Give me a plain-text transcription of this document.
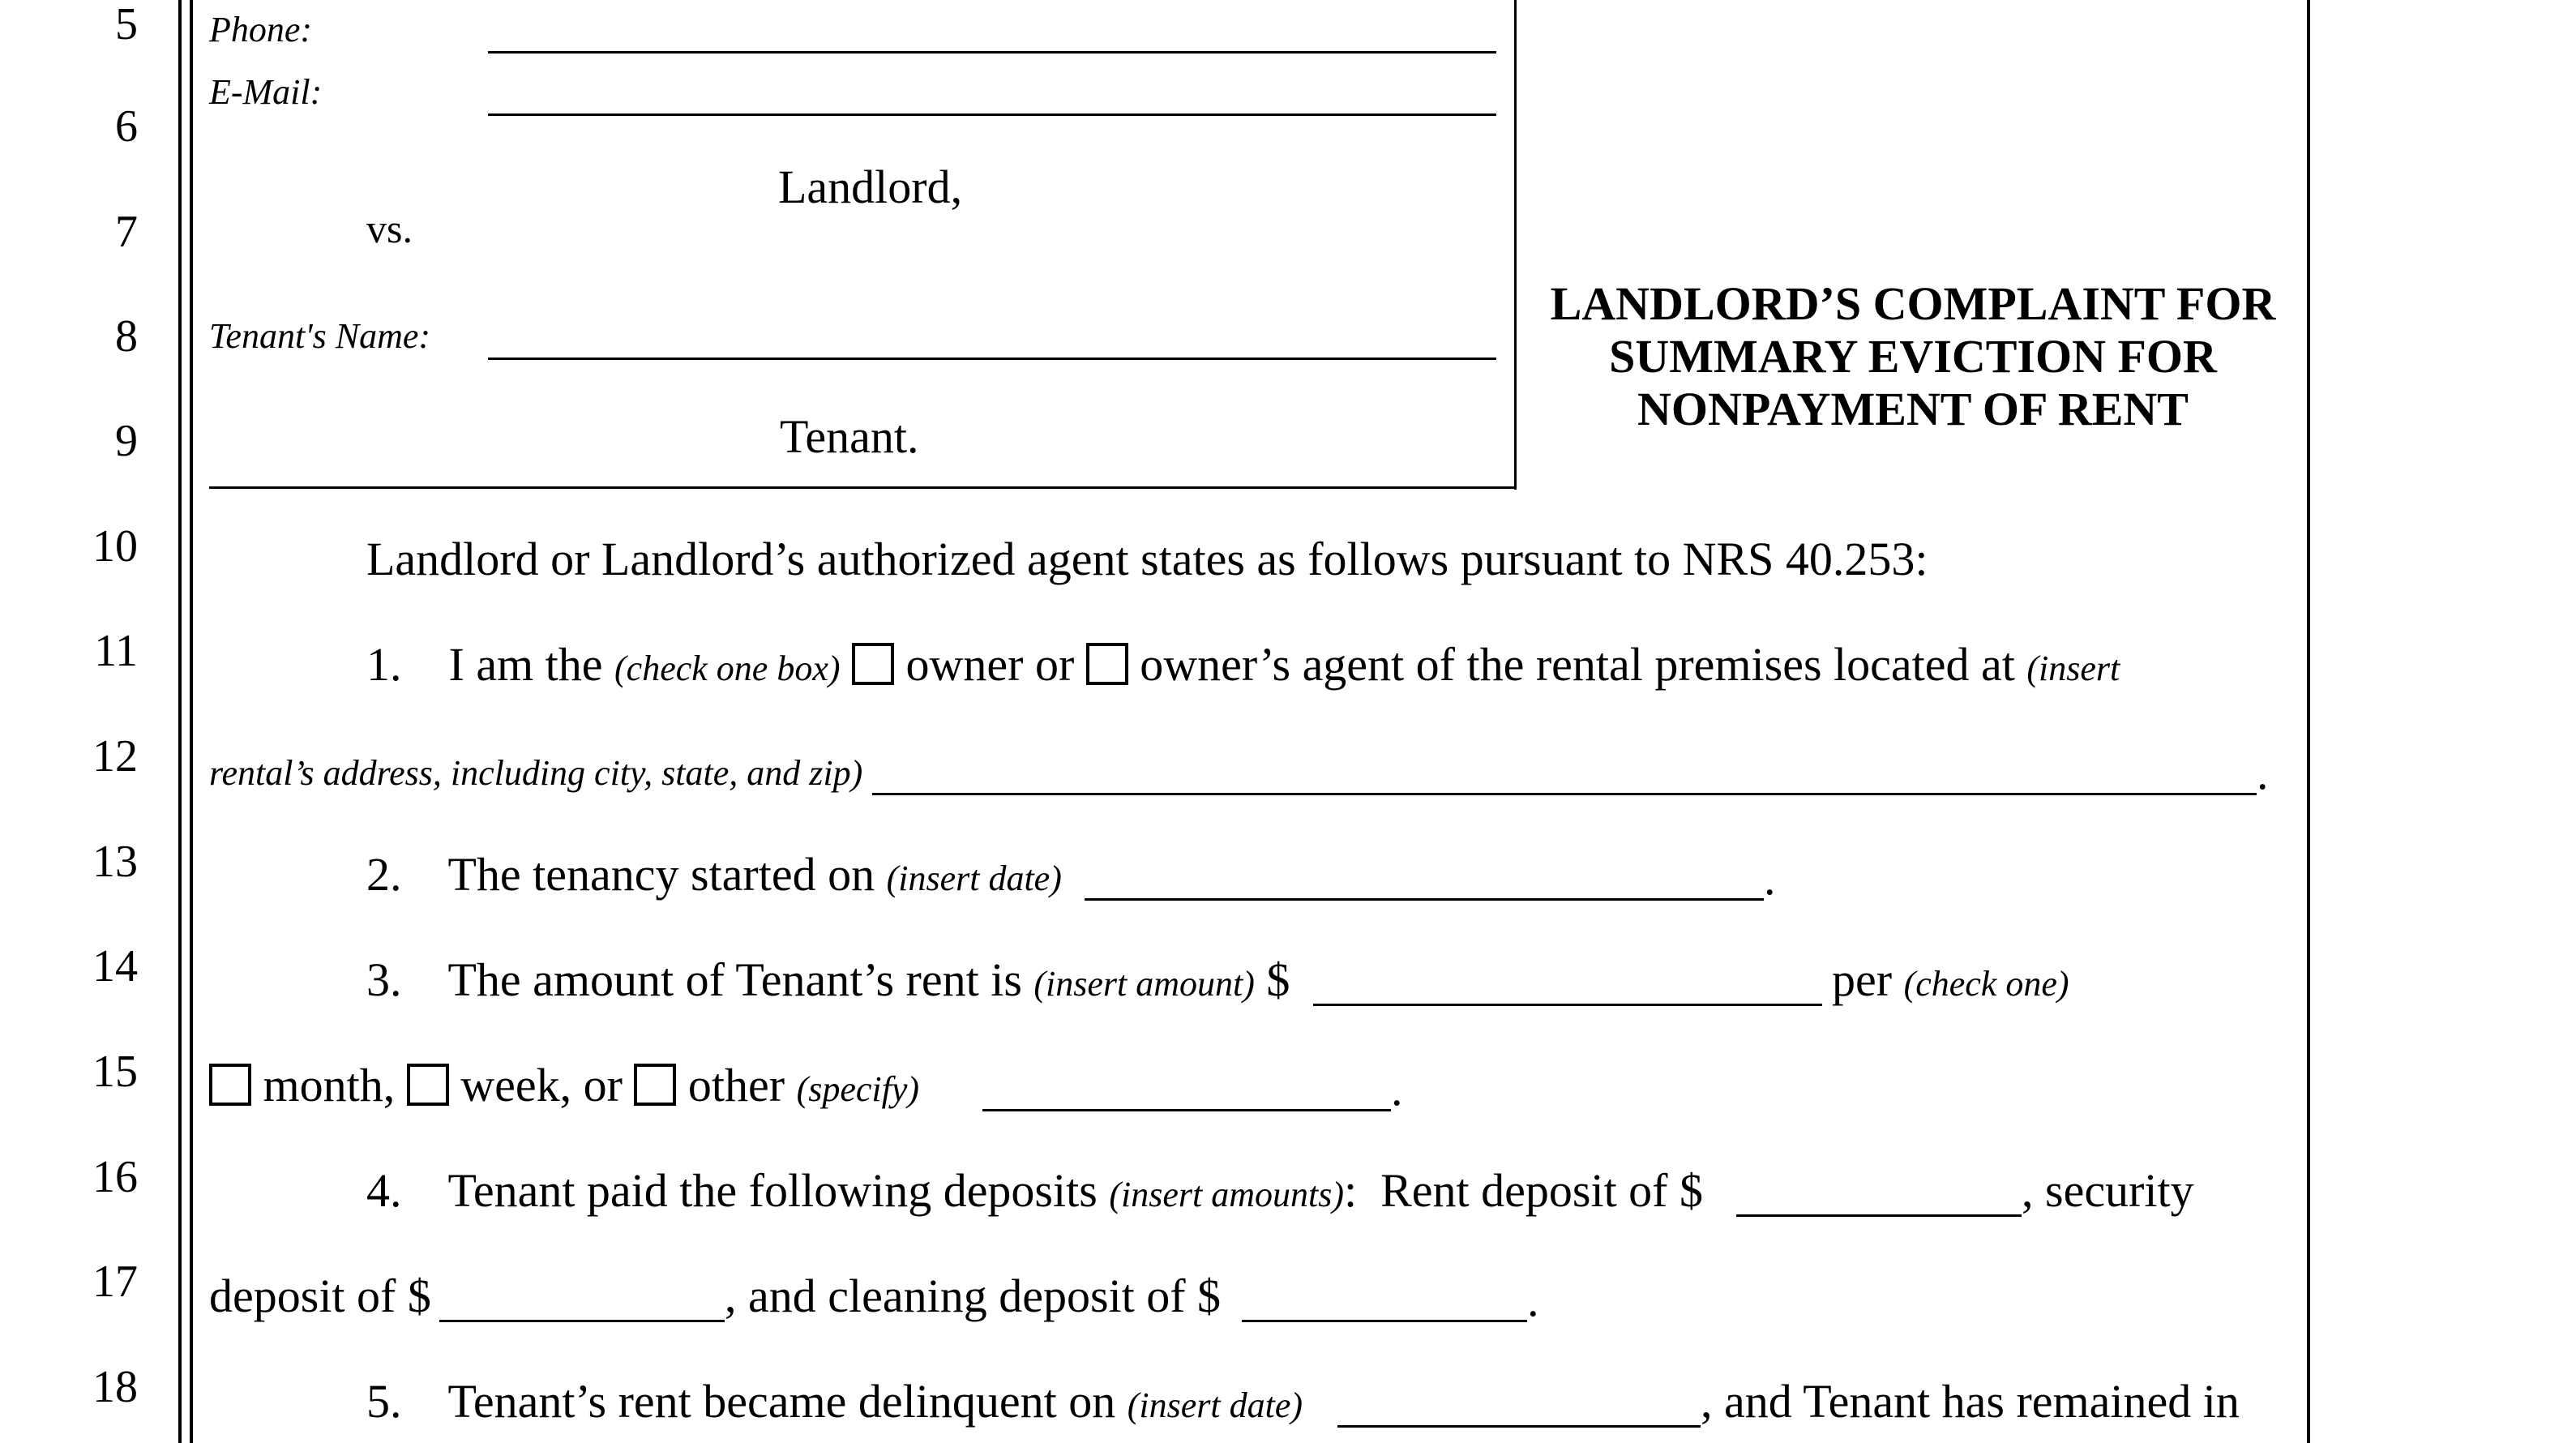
5
6
7
8
9
10
11
12
13
14
15
16
17
18
Phone:
E-Mail:
Landlord,
vs.
Tenant's Name:
Tenant.
LANDLORD’S COMPLAINT FOR
SUMMARY EVICTION FOR
NONPAYMENT OF RENT
Landlord or Landlord’s authorized agent states as follows pursuant to NRS 40.253:
1. I am the (check one box) owner or owner’s agent of the rental premises located at (insert
rental’s address, including city, state, and zip)	.
2. The tenancy started on (insert date)	.
3. The amount of Tenant’s rent is (insert amount) $	per (check one)
month, week, or other (specify)	.
4. Tenant paid the following deposits (insert amounts): Rent deposit of $	, security
deposit of $	, and cleaning deposit of $	.
5. Tenant’s rent became delinquent on (insert date)	, and Tenant has remained in
